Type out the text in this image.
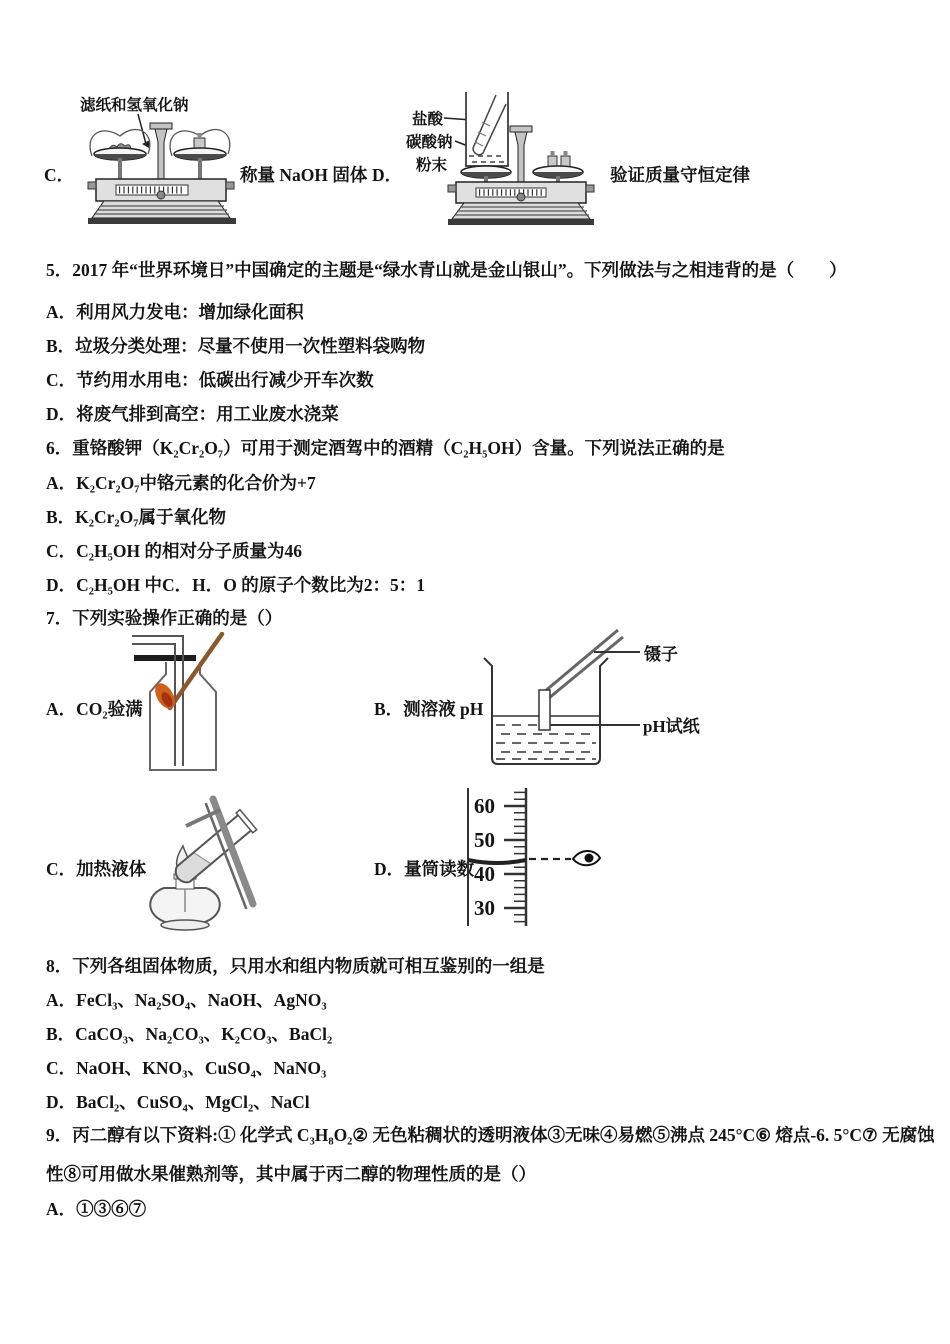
C．
滤纸和氢氧化钠
称量 NaOH 固体 D．
盐酸
碳酸钠
粉末	验证质量守恒定律
5．2017 年“世界环境日”中国确定的主题是“绿水青山就是金山银山”。下列做法与之相违背的是（　　）
A．利用风力发电：增加绿化面积
B．垃圾分类处理：尽量不使用一次性塑料袋购物
C．节约用水用电：低碳出行减少开车次数
D．将废气排到高空：用工业废水浇菜
6．重铬酸钾（K₂Cr₂O₇）可用于测定酒驾中的酒精（C₂H₅OH）含量。下列说法正确的是
A．K₂Cr₂O₇中铬元素的化合价为+7
B．K₂Cr₂O₇属于氧化物
C．C₂H₅OH 的相对分子质量为46
D．C₂H₅OH 中C．H．O 的原子个数比为2：5：1
7．下列实验操作正确的是（）
A．CO₂验满	B．测溶液 pH
镊子
pH试纸
C．加热液体	D．量筒读数
60
50
40
30
8．下列各组固体物质，只用水和组内物质就可相互鉴别的一组是
A．FeCl₃、Na₂SO₄、NaOH、AgNO₃
B．CaCO₃、Na₂CO₃、K₂CO₃、BaCl₂
C．NaOH、KNO₃、CuSO₄、NaNO₃
D．BaCl₂、CuSO₄、MgCl₂、NaCl
9．丙二醇有以下资料:① 化学式 C₃H₈O₂② 无色粘稠状的透明液体③无味④易燃⑤沸点 245°C⑥ 熔点-6. 5°C⑦ 无腐蚀
性⑧可用做水果催熟剂等，其中属于丙二醇的物理性质的是（）
A．①③⑥⑦
